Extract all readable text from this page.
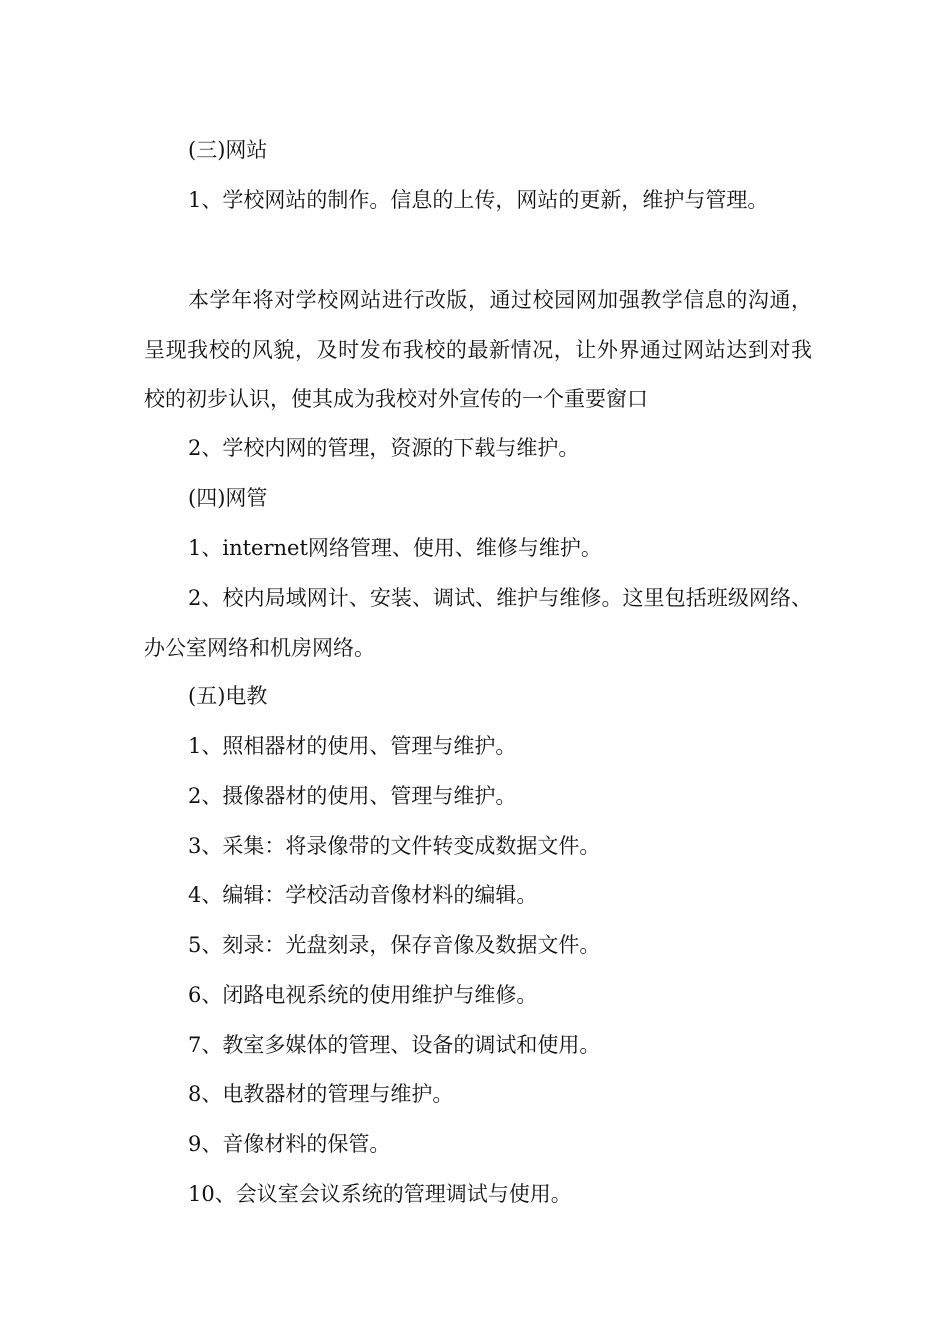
(三)网站

1、学校网站的制作。信息的上传，网站的更新，维护与管理。

本学年将对学校网站进行改版，通过校园网加强教学信息的沟通，呈现我校的风貌，及时发布我校的最新情况，让外界通过网站达到对我校的初步认识，使其成为我校对外宣传的一个重要窗口

2、学校内网的管理，资源的下载与维护。

(四)网管

1、internet网络管理、使用、维修与维护。

2、校内局域网计、安装、调试、维护与维修。这里包括班级网络、办公室网络和机房网络。

(五)电教

1、照相器材的使用、管理与维护。

2、摄像器材的使用、管理与维护。

3、采集：将录像带的文件转变成数据文件。

4、编辑：学校活动音像材料的编辑。

5、刻录：光盘刻录，保存音像及数据文件。

6、闭路电视系统的使用维护与维修。

7、教室多媒体的管理、设备的调试和使用。

8、电教器材的管理与维护。

9、音像材料的保管。

10、会议室会议系统的管理调试与使用。
